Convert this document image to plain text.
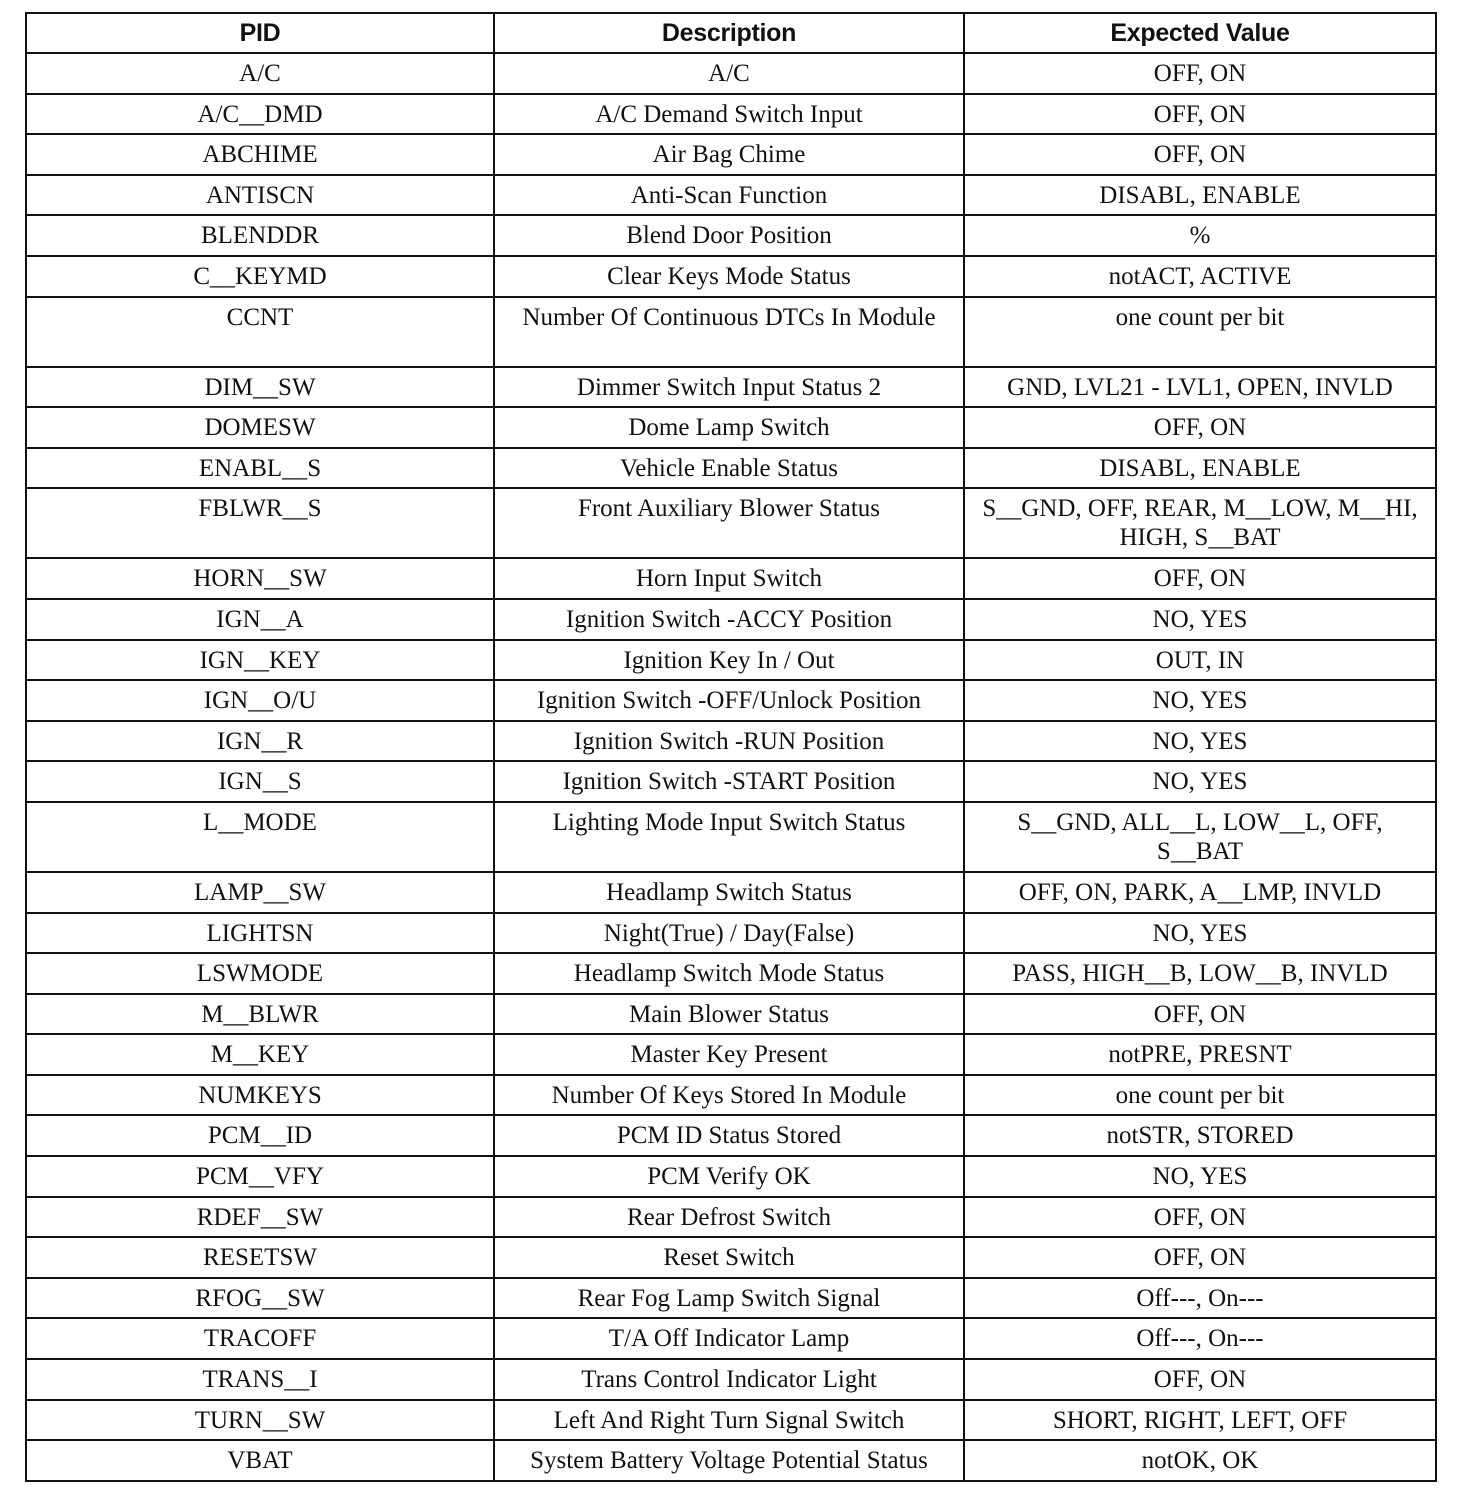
PID	Description	Expected Value
A/C	A/C	OFF, ON
A/C__DMD	A/C Demand Switch Input	OFF, ON
ABCHIME	Air Bag Chime	OFF, ON
ANTISCN	Anti-Scan Function	DISABL, ENABLE
BLENDDR	Blend Door Position	%
C__KEYMD	Clear Keys Mode Status	notACT, ACTIVE
CCNT	Number Of Continuous DTCs In Module	one count per bit
DIM__SW	Dimmer Switch Input Status 2	GND, LVL21 - LVL1, OPEN, INVLD
DOMESW	Dome Lamp Switch	OFF, ON
ENABL__S	Vehicle Enable Status	DISABL, ENABLE
FBLWR__S	Front Auxiliary Blower Status	S__GND, OFF, REAR, M__LOW, M__HI, HIGH, S__BAT
HORN__SW	Horn Input Switch	OFF, ON
IGN__A	Ignition Switch -ACCY Position	NO, YES
IGN__KEY	Ignition Key In / Out	OUT, IN
IGN__O/U	Ignition Switch -OFF/Unlock Position	NO, YES
IGN__R	Ignition Switch -RUN Position	NO, YES
IGN__S	Ignition Switch -START Position	NO, YES
L__MODE	Lighting Mode Input Switch Status	S__GND, ALL__L, LOW__L, OFF, S__BAT
LAMP__SW	Headlamp Switch Status	OFF, ON, PARK, A__LMP, INVLD
LIGHTSN	Night(True) / Day(False)	NO, YES
LSWMODE	Headlamp Switch Mode Status	PASS, HIGH__B, LOW__B, INVLD
M__BLWR	Main Blower Status	OFF, ON
M__KEY	Master Key Present	notPRE, PRESNT
NUMKEYS	Number Of Keys Stored In Module	one count per bit
PCM__ID	PCM ID Status Stored	notSTR, STORED
PCM__VFY	PCM Verify OK	NO, YES
RDEF__SW	Rear Defrost Switch	OFF, ON
RESETSW	Reset Switch	OFF, ON
RFOG__SW	Rear Fog Lamp Switch Signal	Off---, On---
TRACOFF	T/A Off Indicator Lamp	Off---, On---
TRANS__I	Trans Control Indicator Light	OFF, ON
TURN__SW	Left And Right Turn Signal Switch	SHORT, RIGHT, LEFT, OFF
VBAT	System Battery Voltage Potential Status	notOK, OK
